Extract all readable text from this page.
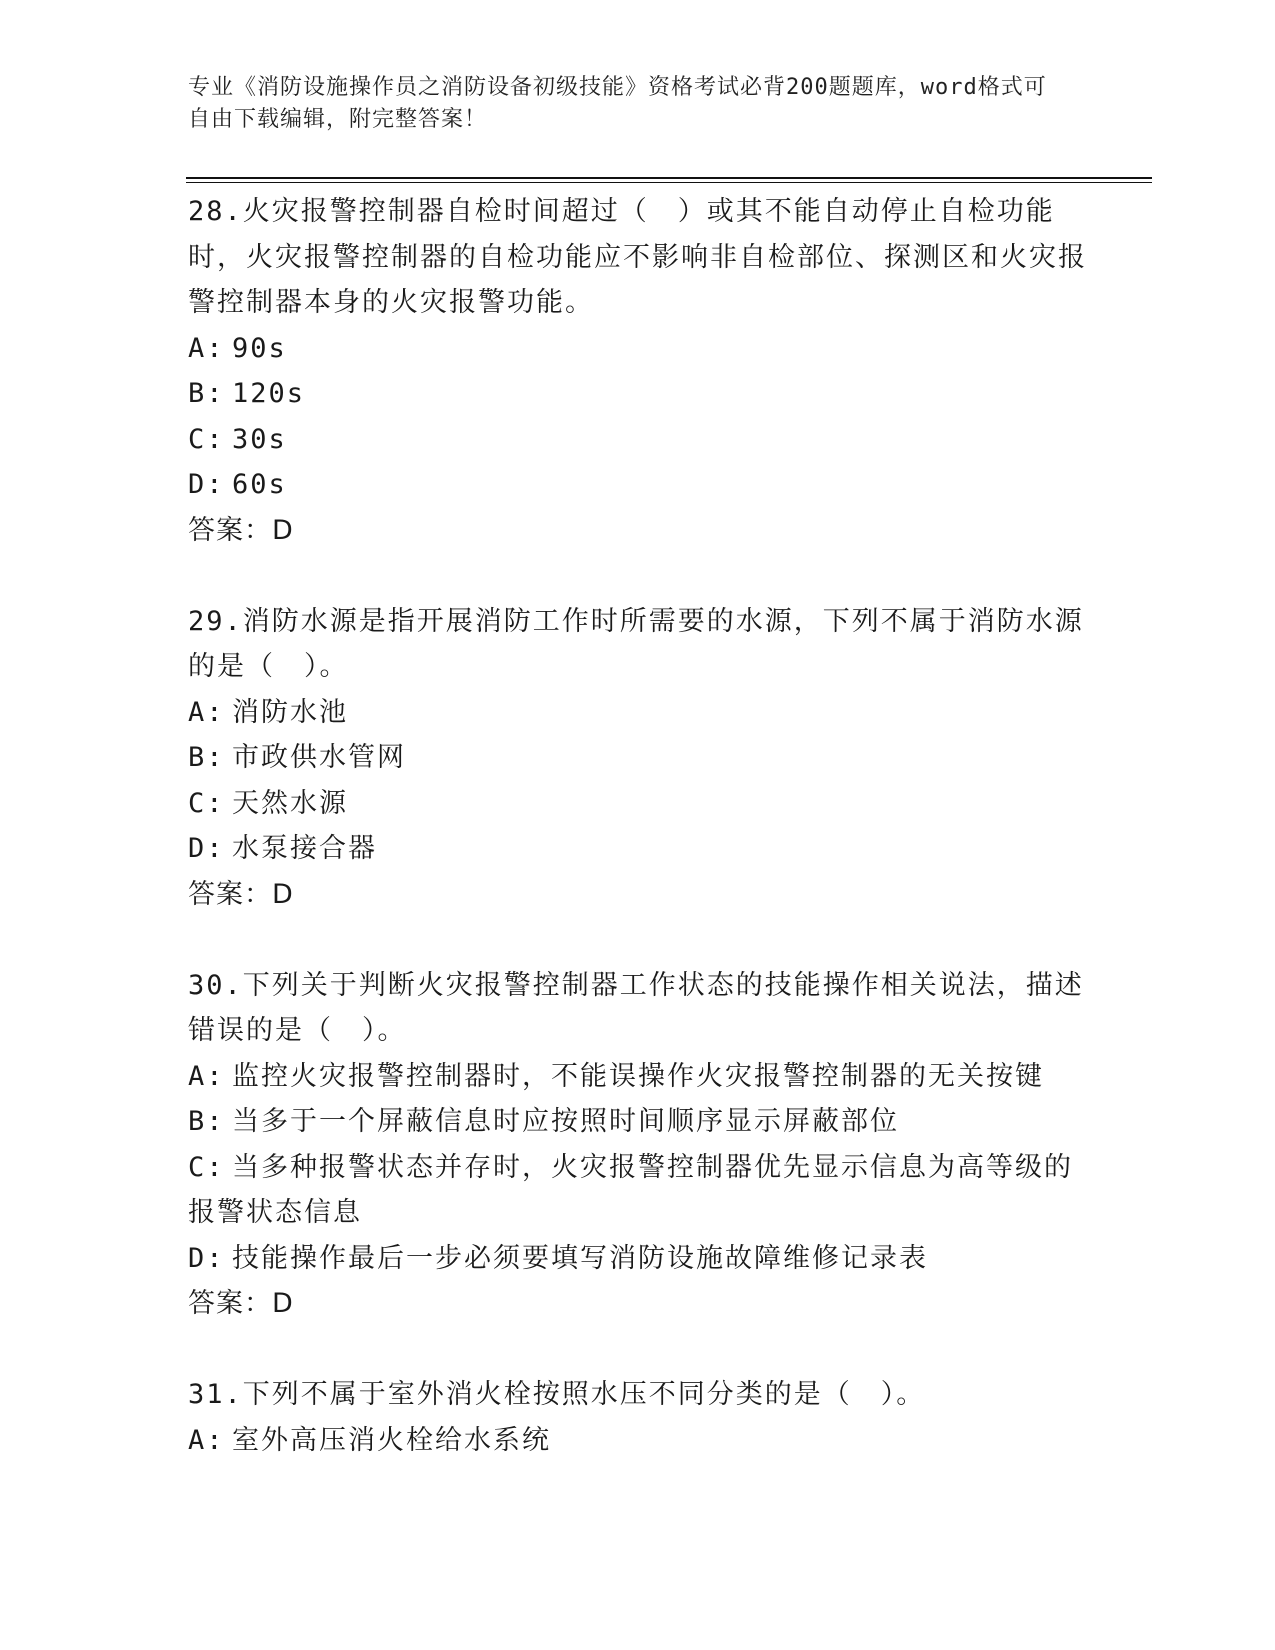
专业《消防设施操作员之消防设备初级技能》资格考试必背200题题库，word格式可自由下载编辑，附完整答案！

28.火灾报警控制器自检时间超过（　）或其不能自动停止自检功能时，火灾报警控制器的自检功能应不影响非自检部位、探测区和火灾报警控制器本身的火灾报警功能。

A: 90s

B: 120s

C: 30s

D: 60s

答案：D

29.消防水源是指开展消防工作时所需要的水源，下列不属于消防水源的是（　）。

A: 消防水池

B: 市政供水管网

C: 天然水源

D: 水泵接合器

答案：D

30.下列关于判断火灾报警控制器工作状态的技能操作相关说法，描述错误的是（　）。

A: 监控火灾报警控制器时，不能误操作火灾报警控制器的无关按键

B: 当多于一个屏蔽信息时应按照时间顺序显示屏蔽部位

C: 当多种报警状态并存时，火灾报警控制器优先显示信息为高等级的报警状态信息

D: 技能操作最后一步必须要填写消防设施故障维修记录表

答案：D

31.下列不属于室外消火栓按照水压不同分类的是（　）。

A: 室外高压消火栓给水系统
